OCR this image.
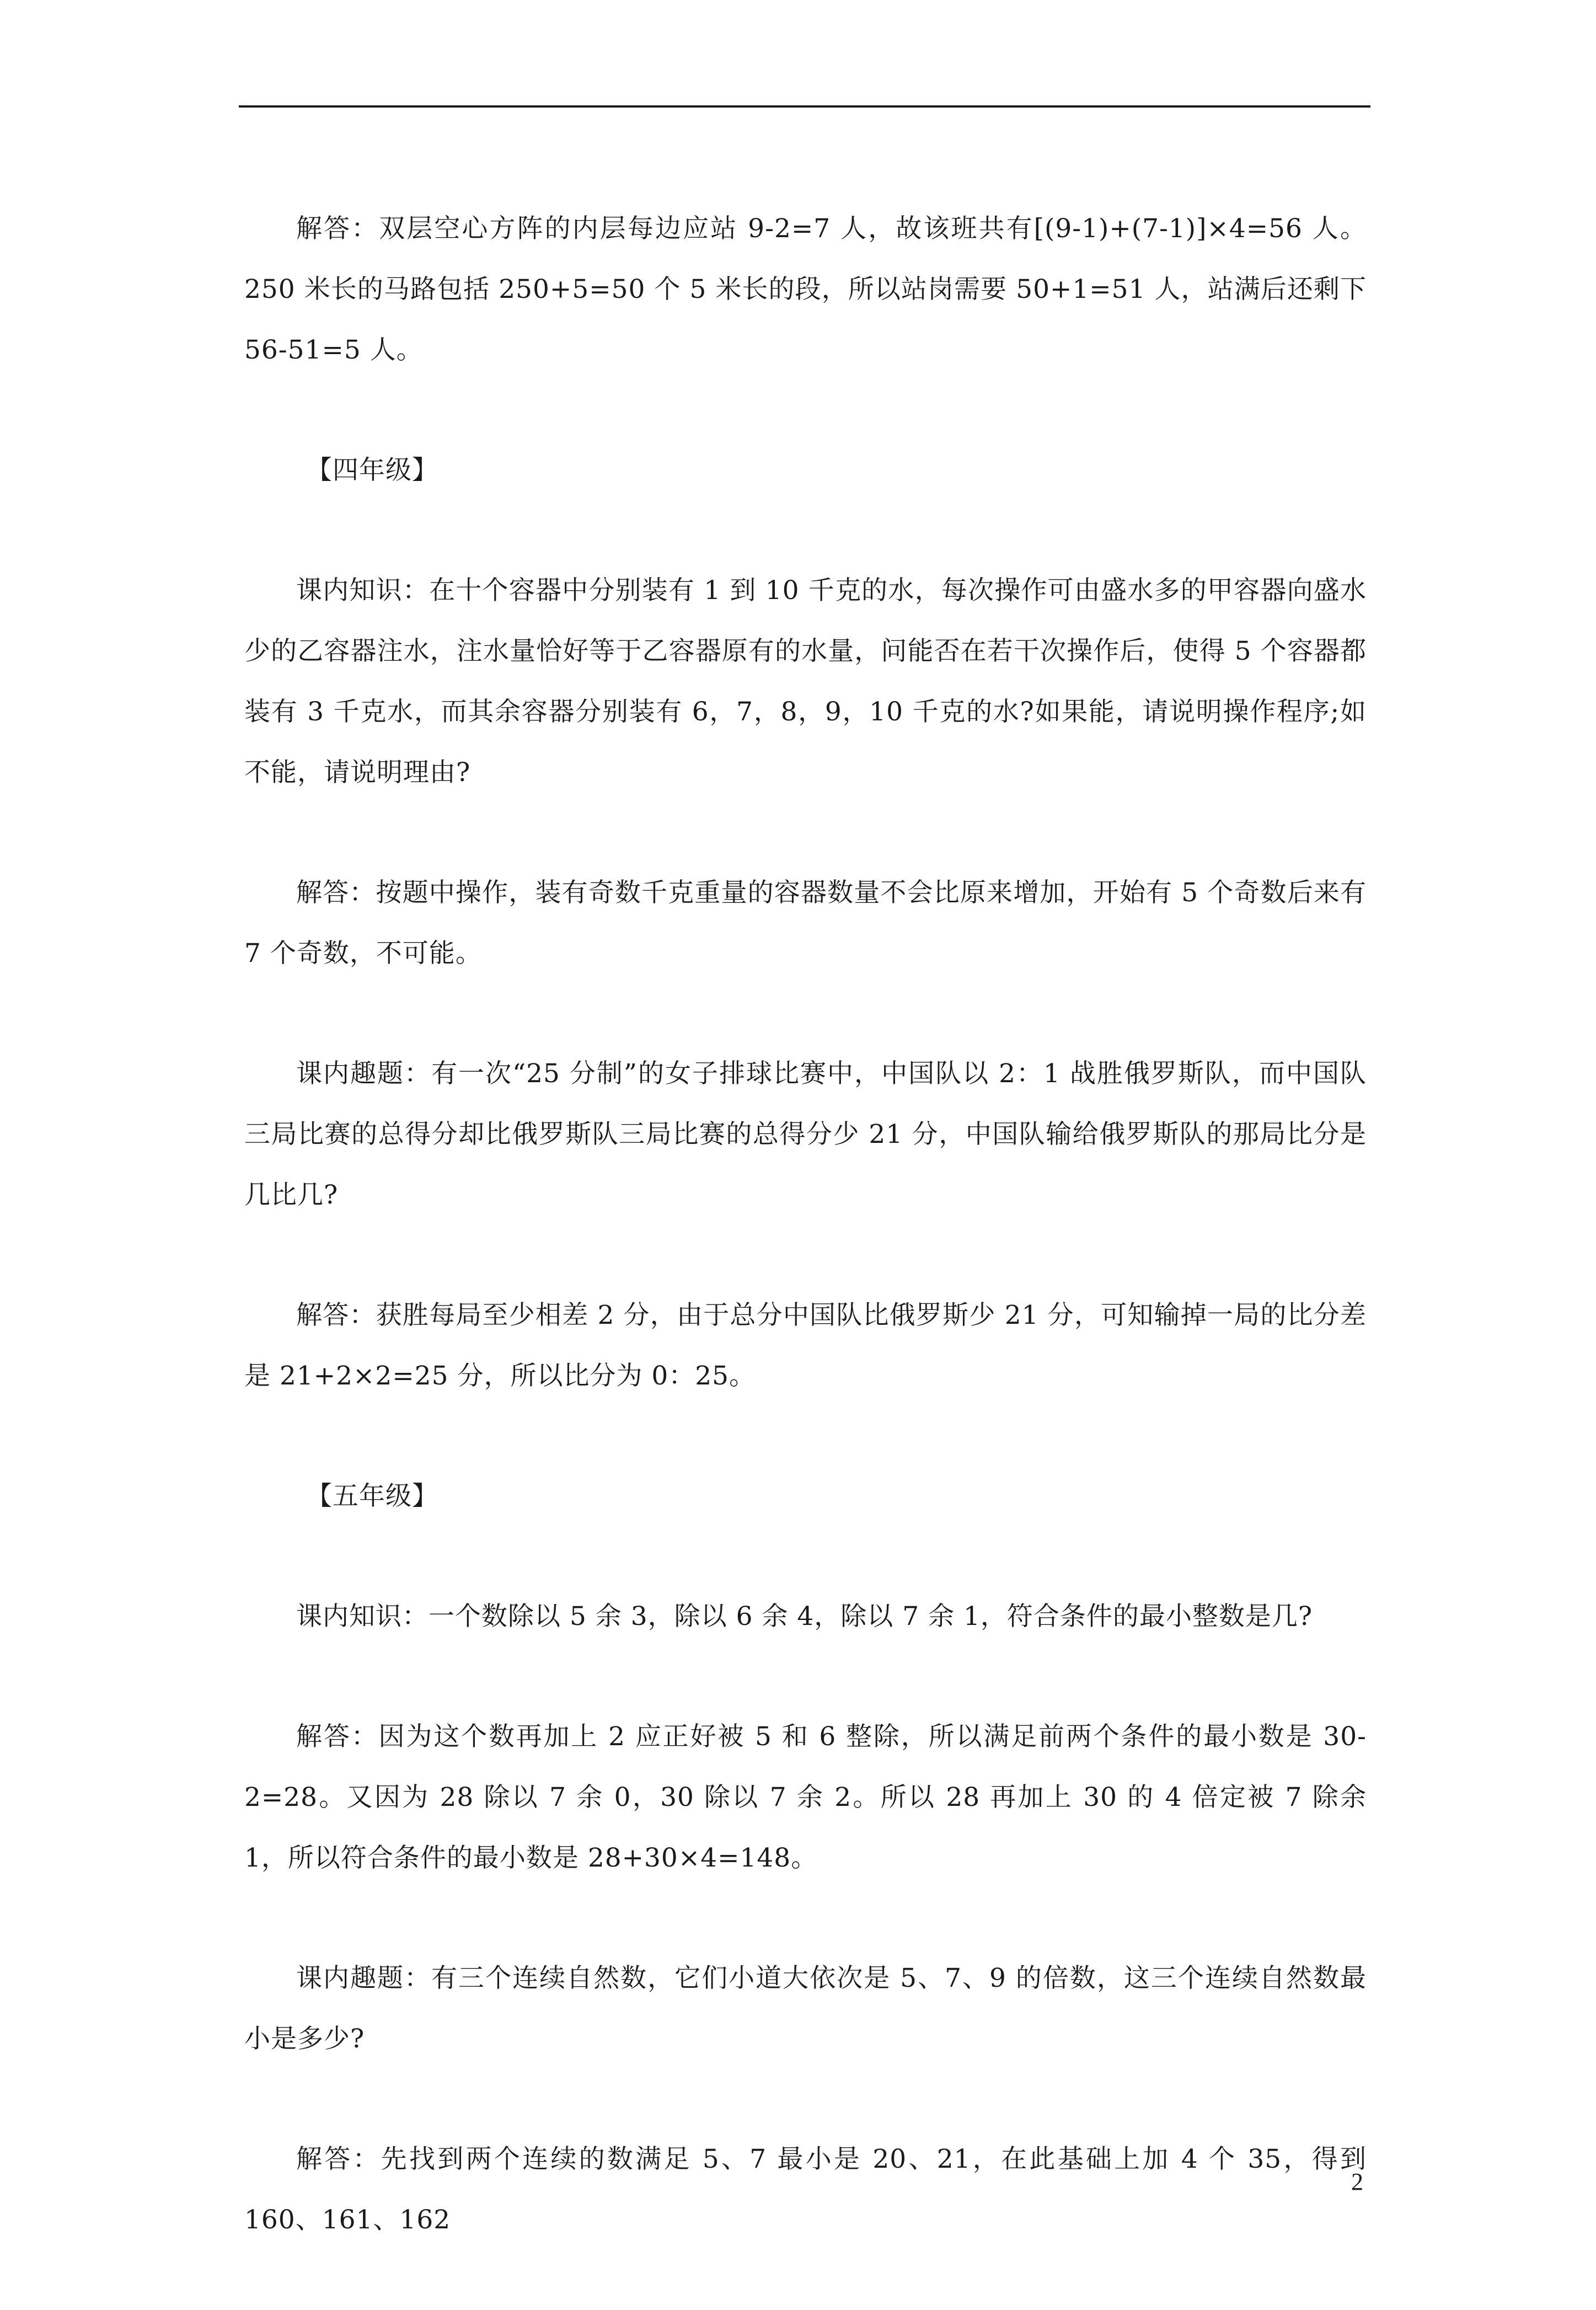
解答：双层空心方阵的内层每边应站 9-2=7 人，故该班共有[(9-1)+(7-1)]×4=56 人。250 米长的马路包括 250+5=50 个 5 米长的段，所以站岗需要 50+1=51 人，站满后还剩下 56-51=5 人。

【四年级】

课内知识：在十个容器中分别装有 1 到 10 千克的水，每次操作可由盛水多的甲容器向盛水少的乙容器注水，注水量恰好等于乙容器原有的水量，问能否在若干次操作后，使得 5 个容器都装有 3 千克水，而其余容器分别装有 6，7，8，9，10 千克的水?如果能，请说明操作程序;如不能，请说明理由?

解答：按题中操作，装有奇数千克重量的容器数量不会比原来增加，开始有 5 个奇数后来有 7 个奇数，不可能。

课内趣题：有一次“25 分制”的女子排球比赛中，中国队以 2：1 战胜俄罗斯队，而中国队三局比赛的总得分却比俄罗斯队三局比赛的总得分少 21 分，中国队输给俄罗斯队的那局比分是几比几?

解答：获胜每局至少相差 2 分，由于总分中国队比俄罗斯少 21 分，可知输掉一局的比分差是 21+2×2=25 分，所以比分为 0：25。

【五年级】

课内知识：一个数除以 5 余 3，除以 6 余 4，除以 7 余 1，符合条件的最小整数是几?

解答：因为这个数再加上 2 应正好被 5 和 6 整除，所以满足前两个条件的最小数是 30-2=28。又因为 28 除以 7 余 0，30 除以 7 余 2。所以 28 再加上 30 的 4 倍定被 7 除余 1，所以符合条件的最小数是 28+30×4=148。

课内趣题：有三个连续自然数，它们小道大依次是 5、7、9 的倍数，这三个连续自然数最小是多少?

解答：先找到两个连续的数满足 5、7 最小是 20、21，在此基础上加 4 个 35，得到 160、161、162

2
